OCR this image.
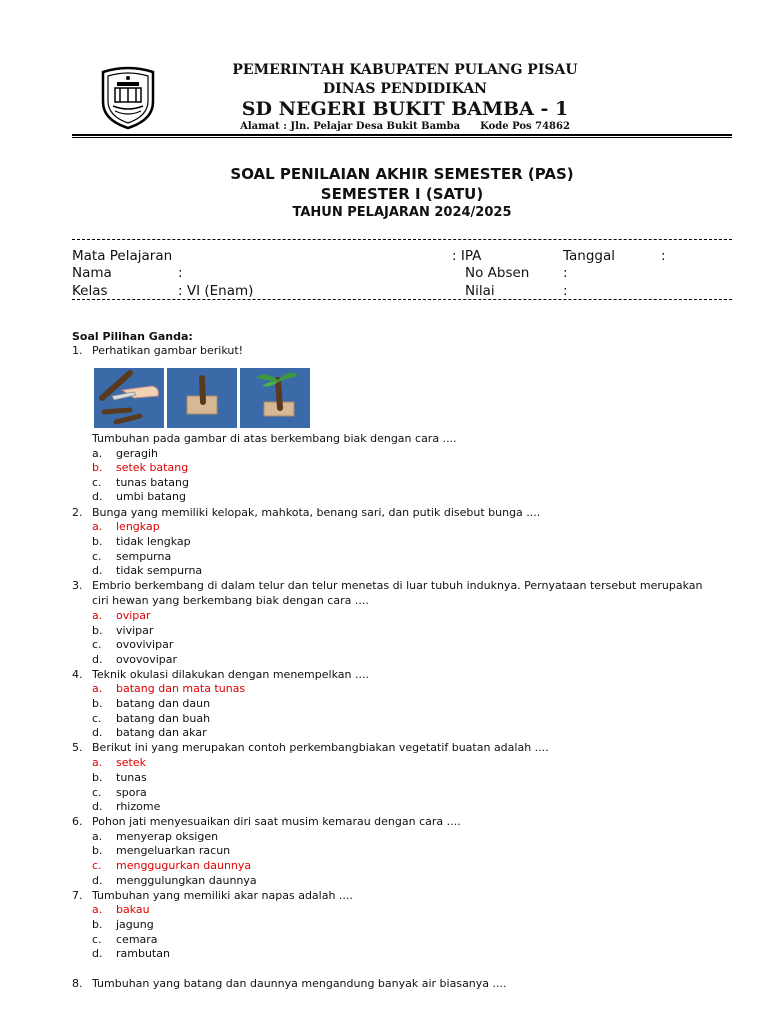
PEMERINTAH KABUPATEN PULANG PISAU
DINAS PENDIDIKAN
SD NEGERI BUKIT BAMBA - 1
Alamat : Jln. Pelajar Desa Bukit Bamba Kode Pos 74862
SOAL PENILAIAN AKHIR SEMESTER (PAS)
SEMESTER I (SATU)
TAHUN PELAJARAN 2024/2025
Mata Pelajaran	: IPA	Tanggal	:
Nama	:	No Absen :
Kelas	: VI (Enam)	Nilai	:
Soal Pilihan Ganda:
1. Perhatikan gambar berikut!
Tumbuhan pada gambar di atas berkembang biak dengan cara ....
a. geragih
b. setek batang
c. tunas batang
d. umbi batang
2. Bunga yang memiliki kelopak, mahkota, benang sari, dan putik disebut bunga ....
a. lengkap
b. tidak lengkap
c. sempurna
d. tidak sempurna
3. Embrio berkembang di dalam telur dan telur menetas di luar tubuh induknya. Pernyataan tersebut merupakan
ciri hewan yang berkembang biak dengan cara ....
a. ovipar
b. vivipar
c. ovovivipar
d. ovovovipar
4. Teknik okulasi dilakukan dengan menempelkan ....
a. batang dan mata tunas
b. batang dan daun
c. batang dan buah
d. batang dan akar
5. Berikut ini yang merupakan contoh perkembangbiakan vegetatif buatan adalah ....
a. setek
b. tunas
c. spora
d. rhizome
6. Pohon jati menyesuaikan diri saat musim kemarau dengan cara ....
a. menyerap oksigen
b. mengeluarkan racun
c. menggugurkan daunnya
d. menggulungkan daunnya
7. Tumbuhan yang memiliki akar napas adalah ....
a. bakau
b. jagung
c. cemara
d. rambutan
8. Tumbuhan yang batang dan daunnya mengandung banyak air biasanya ....
